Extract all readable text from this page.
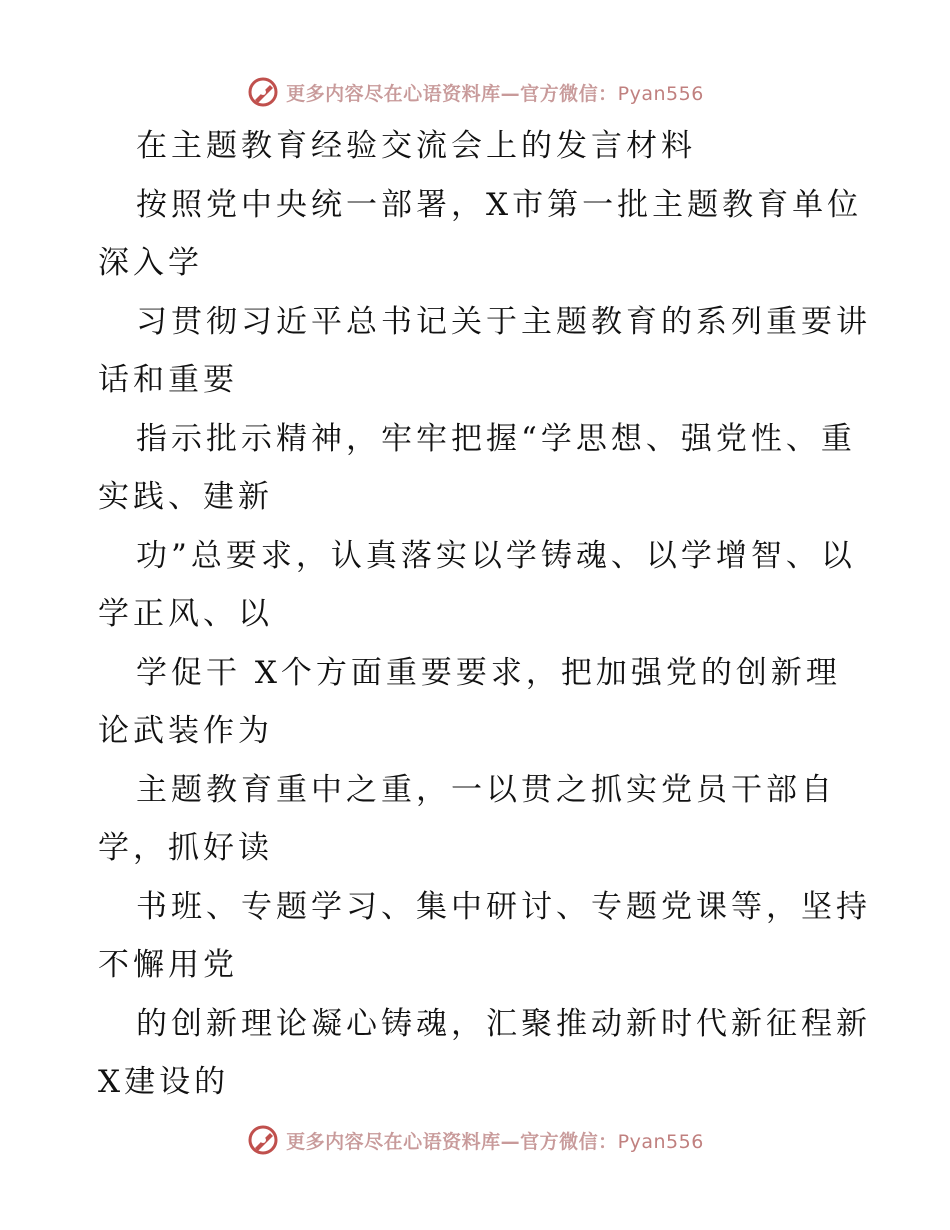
更多内容尽在心语资料库—官方微信：Pyan556
在主题教育经验交流会上的发言材料
按照党中央统一部署，X市第一批主题教育单位
深入学
习贯彻习近平总书记关于主题教育的系列重要讲
话和重要
指示批示精神，牢牢把握“学思想、强党性、重
实践、建新
功”总要求，认真落实以学铸魂、以学增智、以
学正风、以
学促干 X个方面重要要求，把加强党的创新理
论武装作为
主题教育重中之重，一以贯之抓实党员干部自
学，抓好读
书班、专题学习、集中研讨、专题党课等，坚持
不懈用党
的创新理论凝心铸魂，汇聚推动新时代新征程新
X建设的
更多内容尽在心语资料库—官方微信：Pyan556
